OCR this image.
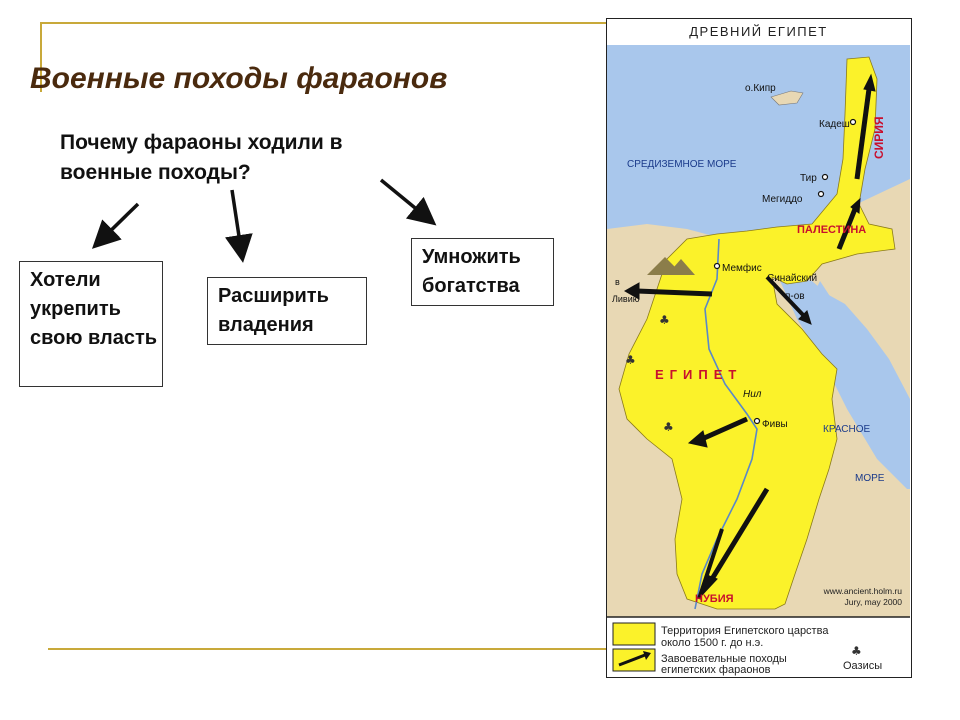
Военные походы фараонов
Почему фараоны ходили в военные походы?
Хотели укрепить свою власть
Расширить владения
Умножить богатства
♣
♣
♣
www.ancient.holm.ru
Jury, may 2000
о.Кипр
Кадеш СИРИЯ
СРЕДИЗЕМНОЕ МОРЕ
Тир
Мегиддо
ПАЛЕСТИНА
Мемфис
Синайский
п-ов
в
Ливию
ЕГИПЕТ
Нил
Фивы	КРАСНОЕ
МОРЕ
НУБИЯ
♣
ДРЕВНИЙ ЕГИПЕТ
Территория Египетского царства
около 1500 г. до н.э.
Завоевательные походы
египетских фараонов	Оазисы
